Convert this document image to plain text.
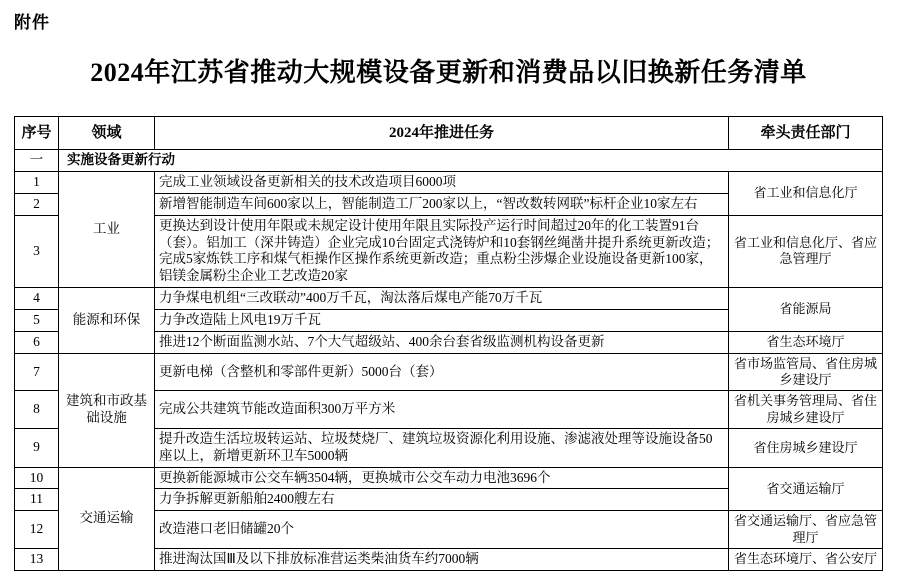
附件
2024年江苏省推动大规模设备更新和消费品以旧换新任务清单
序号	领域	2024年推进任务	牵头责任部门
一	实施设备更新行动		
1	工业	完成工业领域设备更新相关的技术改造项目6000项	省工业和信息化厅
2		新增智能制造车间600家以上，智能制造工厂200家以上，“智改数转网联”标杆企业10家左右	
3		更换达到设计使用年限或未规定设计使用年限且实际投产运行时间超过20年的化工装置91台（套）。铝加工（深井铸造）企业完成10台固定式浇铸炉和10套钢丝绳凿井提升系统更新改造；完成5家炼铁工序和煤气柜操作区操作系统更新改造；重点粉尘涉爆企业设施设备更新100家，铝镁金属粉尘企业工艺改造20家	省工业和信息化厅、省应急管理厅
4	能源和环保	力争煤电机组“三改联动”400万千瓦，淘汰落后煤电产能70万千瓦	省能源局
5		力争改造陆上风电19万千瓦	
6		推进12个断面监测水站、7个大气超级站、400余台套省级监测机构设备更新	省生态环境厅
7	建筑和市政基础设施	更新电梯（含整机和零部件更新）5000台（套）	省市场监管局、省住房城乡建设厅
8		完成公共建筑节能改造面积300万平方米	省机关事务管理局、省住房城乡建设厅
9		提升改造生活垃圾转运站、垃圾焚烧厂、建筑垃圾资源化利用设施、渗滤液处理等设施设备50座以上，新增更新环卫车5000辆	省住房城乡建设厅
10	交通运输	更换新能源城市公交车辆3504辆，更换城市公交车动力电池3696个	省交通运输厅
11		力争拆解更新船舶2400艘左右	
12		改造港口老旧储罐20个	省交通运输厅、省应急管理厅
13		推进淘汰国Ⅲ及以下排放标准营运类柴油货车约7000辆	省生态环境厅、省公安厅
